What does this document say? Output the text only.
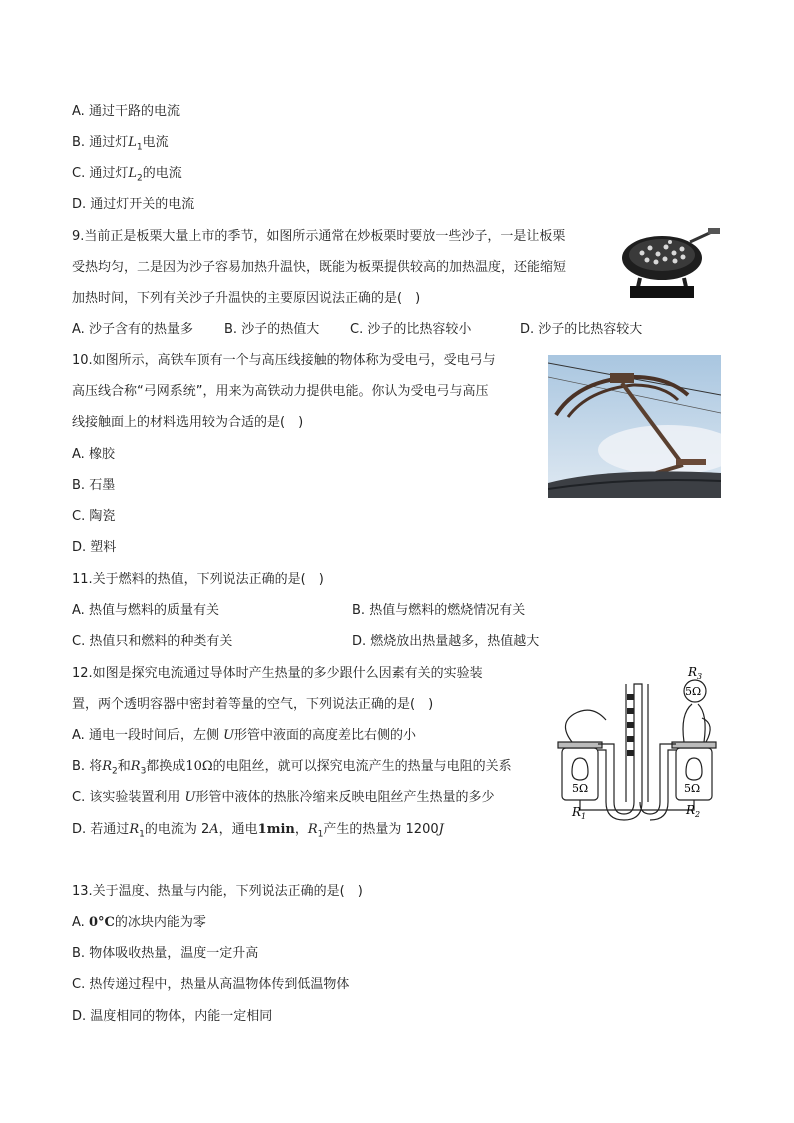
A. 通过干路的电流
B. 通过灯$L_1$电流
C. 通过灯$L_2$的电流
D. 通过灯开关的电流
9.当前正是板栗大量上市的季节，如图所示通常在炒板栗时要放一些沙子，一是让板栗
受热均匀，二是因为沙子容易加热升温快，既能为板栗提供较高的加热温度，还能缩短
加热时间，下列有关沙子升温快的主要原因说法正确的是(　)
A. 沙子含有的热量多 B. 沙子的热值大 C. 沙子的比热容较小	D. 沙子的比热容较大
10.如图所示，高铁车顶有一个与高压线接触的物体称为受电弓，受电弓与
高压线合称“弓网系统”，用来为高铁动力提供电能。你认为受电弓与高压
线接触面上的材料选用较为合适的是(　)
A. 橡胶
B. 石墨
C. 陶瓷
D. 塑料
11.关于燃料的热值，下列说法正确的是(　)
A. 热值与燃料的质量有关	B. 热值与燃料的燃烧情况有关
C. 热值只和燃料的种类有关	D. 燃烧放出热量越多，热值越大
12.如图是探究电流通过导体时产生热量的多少跟什么因素有关的实验装
置，两个透明容器中密封着等量的空气，下列说法正确的是(　)
A. 通电一段时间后，左侧 U形管中液面的高度差比右侧的小
B. 将$R_2$和$R_3$都换成10Ω的电阻丝，就可以探究电流产生的热量与电阻的关系
C. 该实验装置利用 U形管中液体的热胀冷缩来反映电阻丝产生热量的多少
D. 若通过$R_1$的电流为 2A，通电1min，$R_1$产生的热量为 1200J
5Ω	5Ω
5Ω
$R_3$
$R_1$	$R_2$
13.关于温度、热量与内能，下列说法正确的是(　)
A. 0°C的冰块内能为零
B. 物体吸收热量，温度一定升高
C. 热传递过程中，热量从高温物体传到低温物体
D. 温度相同的物体，内能一定相同
